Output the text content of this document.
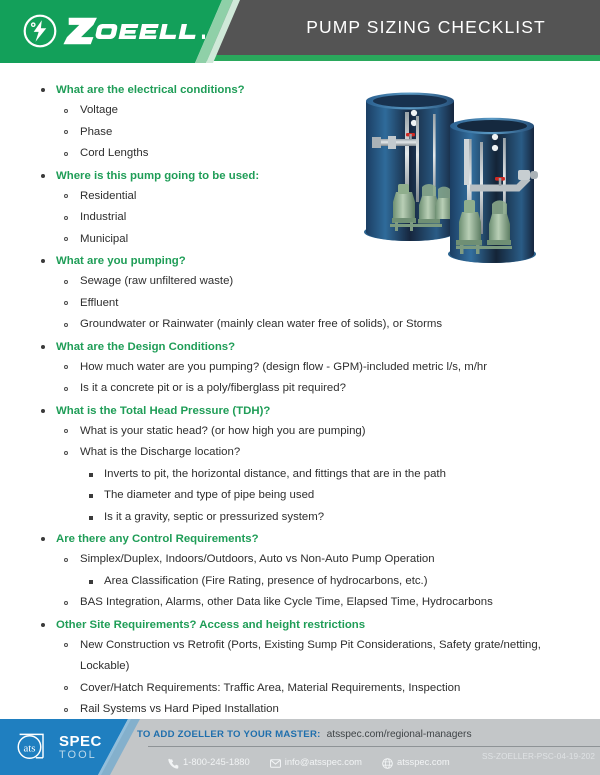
PUMP SIZING CHECKLIST
What are the electrical conditions?
Voltage
Phase
Cord Lengths
Where is this pump going to be used:
Residential
Industrial
Municipal
What are you pumping?
Sewage (raw unfiltered waste)
Effluent
Groundwater or Rainwater (mainly clean water free of solids), or Storms
What are the Design Conditions?
How much water are you pumping? (design flow - GPM)-included metric l/s, m/hr
Is it a concrete pit or is a poly/fiberglass pit required?
What is the Total Head Pressure (TDH)?
What is your static head? (or how high you are pumping)
What is the Discharge location?
Inverts to pit, the horizontal distance, and fittings that are in the path
The diameter and type of pipe being used
Is it a gravity, septic or pressurized system?
Are there any Control Requirements?
Simplex/Duplex, Indoors/Outdoors, Auto vs Non-Auto Pump Operation
Area Classification (Fire Rating, presence of hydrocarbons, etc.)
BAS Integration, Alarms, other Data like Cycle Time, Elapsed Time, Hydrocarbons
Other Site Requirements? Access and height restrictions
New Construction vs Retrofit (Ports, Existing Sump Pit Considerations, Safety grate/netting, Lockable)
Cover/Hatch Requirements: Traffic Area, Material Requirements, Inspection
Rail Systems vs Hard Piped Installation
ats SPEC
TOOL
TO ADD ZOELLER TO YOUR MASTER: atsspec.com/regional-managers
1-800-245-1880	info@atsspec.com	atsspec.com	SS-ZOELLER-PSC-04-19-202
